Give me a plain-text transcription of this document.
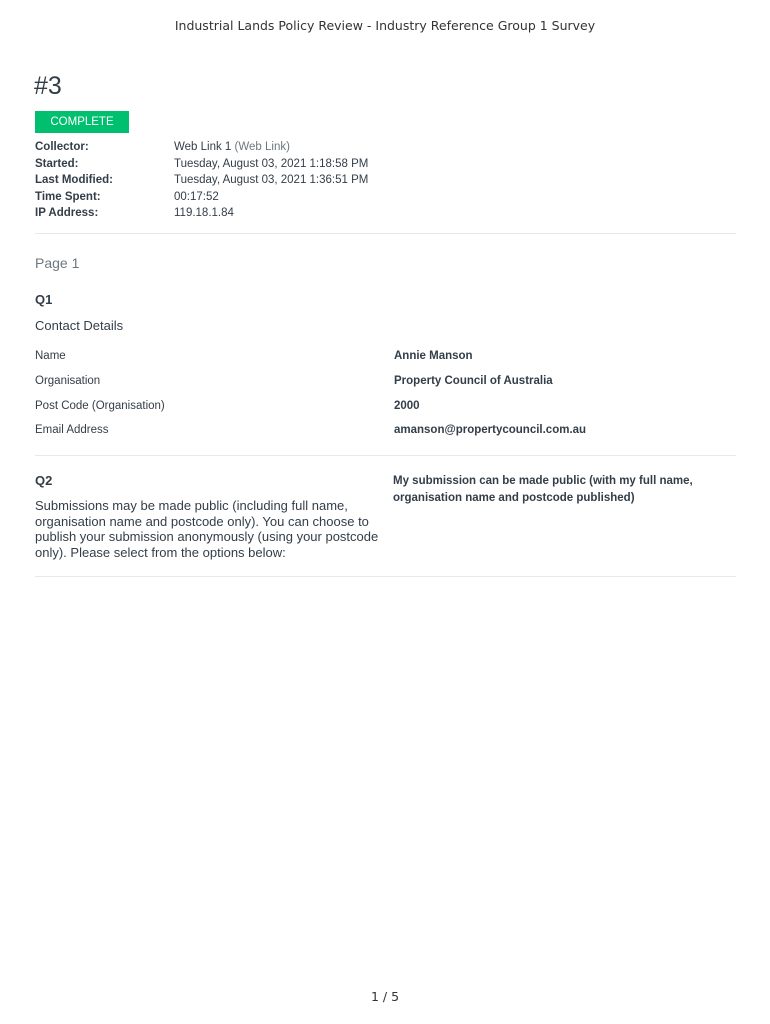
Industrial Lands Policy Review - Industry Reference Group 1 Survey
#3
COMPLETE
Collector:	Web Link 1 (Web Link)
Started:	Tuesday, August 03, 2021 1:18:58 PM
Last Modified:	Tuesday, August 03, 2021 1:36:51 PM
Time Spent:	00:17:52
IP Address:	119.18.1.84
Page 1
Q1
Contact Details
Name	Annie Manson
Organisation	Property Council of Australia
Post Code (Organisation)	2000
Email Address	amanson@propertycouncil.com.au
Q2
Submissions may be made public (including full name, organisation name and postcode only). You can choose to publish your submission anonymously (using your postcode only). Please select from the options below:
My submission can be made public (with my full name, organisation name and postcode published)
1 / 5
